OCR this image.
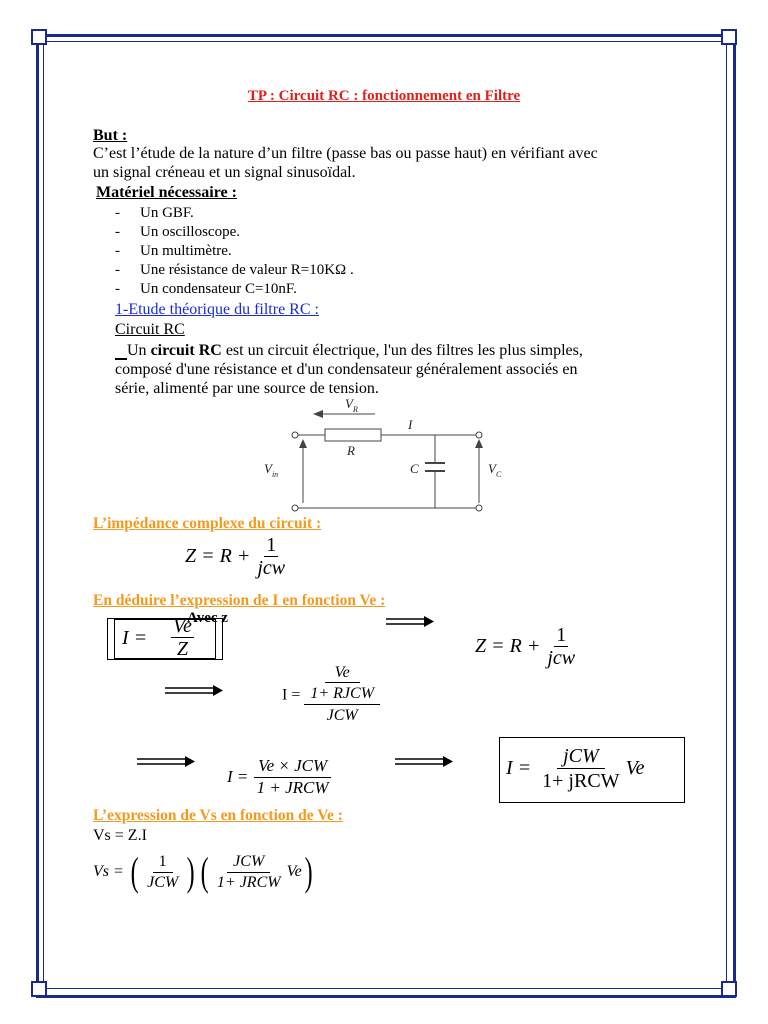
TP : Circuit RC : fonctionnement en Filtre
But :
C’est l’étude de la nature d’un filtre (passe bas ou passe haut) en vérifiant avec
un signal créneau et un signal sinusoïdal.
Matériel nécessaire :
- Un GBF.
- Un oscilloscope.
- Un multimètre.
- Une résistance de valeur R=10KΩ .
- Un condensateur C=10nF.
1-Etude théorique du filtre RC :
Circuit RC
Un circuit RC est un circuit électrique, l'un des filtres les plus simples,
composé d'une résistance et d'un condensateur généralement associés en
série, alimenté par une source de tension.
$V_R$
R
I
C
$V_{in}$	$V_C$
L’impédance complexe du circuit :
$Z = R + \frac{1}{\text{jcw}}$
En déduire l’expression de I en fonction Ve :
$I = \frac{Ve}{Z}$
Avec z
$Z = R + \frac{1}{\text{jcw}}$
$I = \frac{Ve}{\frac{\text{1+ RJCW}}{\text{JCW}}}$
$I = \frac{\text{Ve × JCW}}{\text{1 + JRCW}}$	$I = \frac{\text{jCW}}{\text{1+ jRCW}}$ Ve
L’expression de Vs en fonction de Ve :
Vs = Z.I
Vs = ( $\frac{1}{\text{JCW}}$ ) ( $\frac{\text{JCW}}{\text{1+ JRCW}} Ve$)
